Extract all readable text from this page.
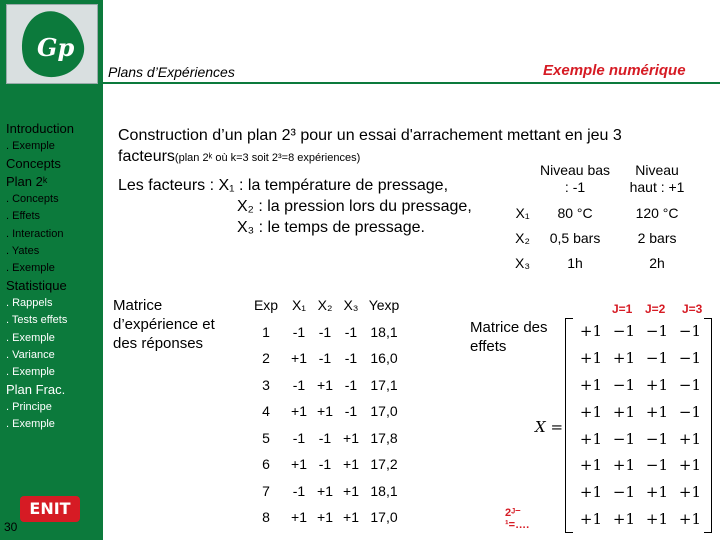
Gp
Introduction
. Exemple
Concepts
Plan 2ᵏ
. Concepts
. Effets
. Interaction
. Yates
. Exemple
Statistique
. Rappels
. Tests effets
. Exemple
. Variance
. Exemple
Plan Frac.
. Principe
. Exemple
ENIT
30
Plans d’Expériences	Exemple numérique
Construction d’un plan 2³ pour un essai d'arrachement mettant en jeu 3
facteurs(plan 2ᵏ où k=3 soit 2³=8 expériences)
Les facteurs : X₁ : la température de pressage,
X₂ : la pression lors du pressage,
X₃ : le temps de pressage.
	Niveau bas : -1	Niveau haut : +1
X₁	80 °C	120 °C
X₂	0,5 bars	2 bars
X₃	1h	2h
Matrice d’expérience et des réponses
Exp	X₁	X₂	X₃	Yexp
1	-1	-1	-1	18,1
2	+1	-1	-1	16,0
3	-1	+1	-1	17,1
4	+1	+1	-1	17,0
5	-1	-1	+1	17,8
6	+1	-1	+1	17,2
7	-1	+1	+1	18,1
8	+1	+1	+1	17,0
Matrice des effets
J=1 J=2 J=3
X =
+1	−1	−1	−1
+1	+1	−1	−1
+1	−1	+1	−1
+1	+1	+1	−1
+1	−1	−1	+1
+1	+1	−1	+1
+1	−1	+1	+1
+1	+1	+1	+1
2ᴶ⁻
¹=….
